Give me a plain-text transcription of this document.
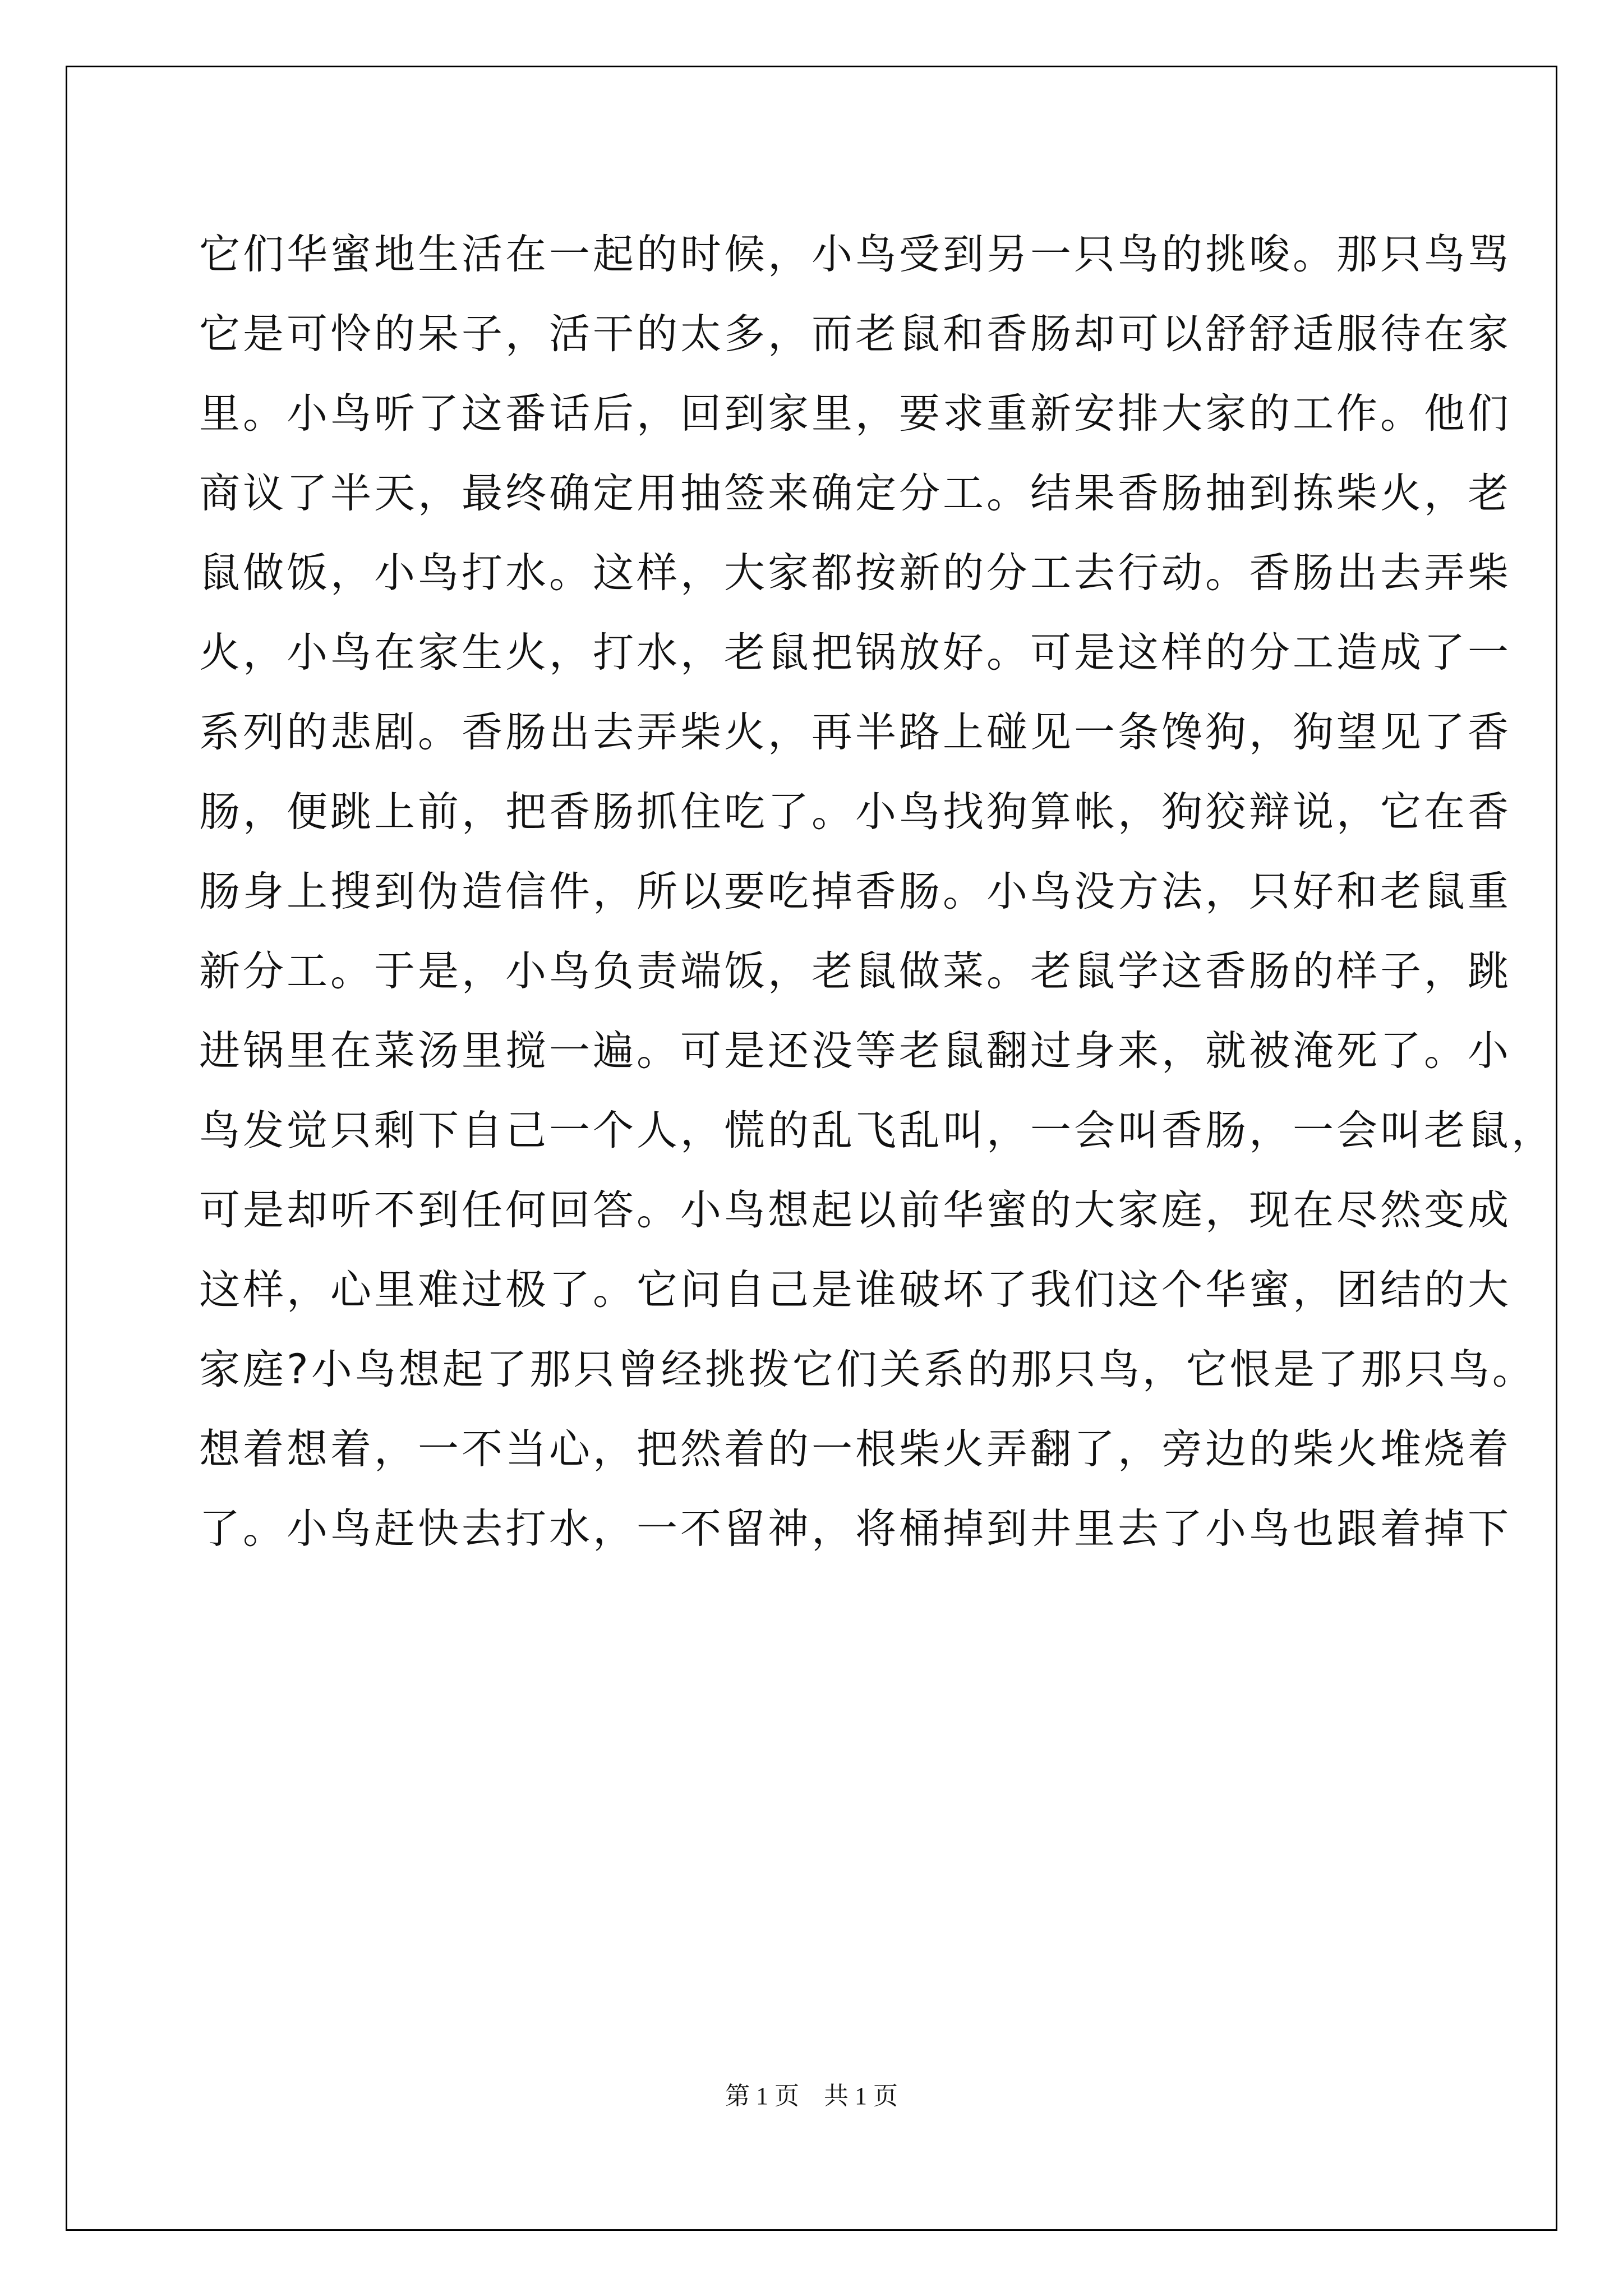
它们华蜜地生活在一起的时候，小鸟受到另一只鸟的挑唆。那只鸟骂
它是可怜的呆子，活干的太多，而老鼠和香肠却可以舒舒适服待在家
里。小鸟听了这番话后，回到家里，要求重新安排大家的工作。他们
商议了半天，最终确定用抽签来确定分工。结果香肠抽到拣柴火，老
鼠做饭，小鸟打水。这样，大家都按新的分工去行动。香肠出去弄柴
火，小鸟在家生火，打水，老鼠把锅放好。可是这样的分工造成了一
系列的悲剧。香肠出去弄柴火，再半路上碰见一条馋狗，狗望见了香
肠，便跳上前，把香肠抓住吃了。小鸟找狗算帐，狗狡辩说，它在香
肠身上搜到伪造信件，所以要吃掉香肠。小鸟没方法，只好和老鼠重
新分工。于是，小鸟负责端饭，老鼠做菜。老鼠学这香肠的样子，跳
进锅里在菜汤里搅一遍。可是还没等老鼠翻过身来，就被淹死了。小
鸟发觉只剩下自己一个人，慌的乱飞乱叫，一会叫香肠，一会叫老鼠，
可是却听不到任何回答。小鸟想起以前华蜜的大家庭，现在尽然变成
这样，心里难过极了。它问自己是谁破坏了我们这个华蜜，团结的大
家庭?小鸟想起了那只曾经挑拨它们关系的那只鸟，它恨是了那只鸟。
想着想着，一不当心，把然着的一根柴火弄翻了，旁边的柴火堆烧着
了。小鸟赶快去打水，一不留神，将桶掉到井里去了小鸟也跟着掉下
第 1 页    共 1 页
